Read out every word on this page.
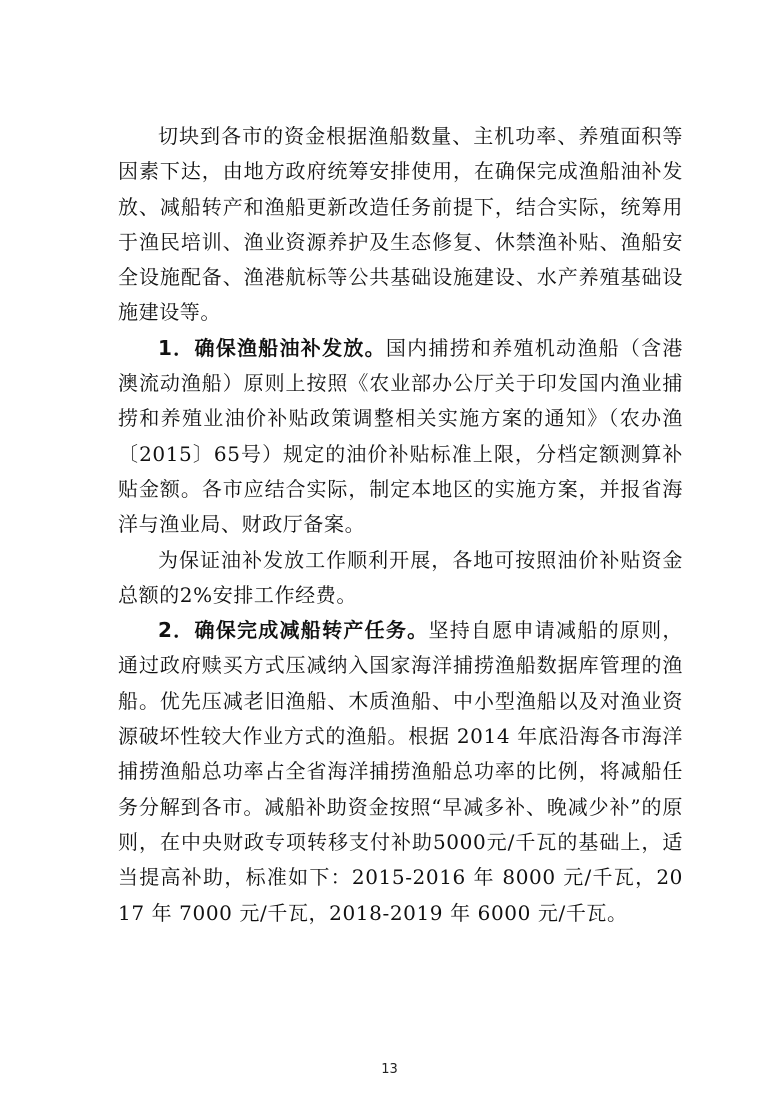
切块到各市的资金根据渔船数量、主机功率、养殖面积等因素下达，由地方政府统筹安排使用，在确保完成渔船油补发放、减船转产和渔船更新改造任务前提下，结合实际，统筹用于渔民培训、渔业资源养护及生态修复、休禁渔补贴、渔船安全设施配备、渔港航标等公共基础设施建设、水产养殖基础设施建设等。

1．确保渔船油补发放。国内捕捞和养殖机动渔船（含港澳流动渔船）原则上按照《农业部办公厅关于印发国内渔业捕捞和养殖业油价补贴政策调整相关实施方案的通知》（农办渔〔2015〕65号）规定的油价补贴标准上限，分档定额测算补贴金额。各市应结合实际，制定本地区的实施方案，并报省海洋与渔业局、财政厅备案。

为保证油补发放工作顺利开展，各地可按照油价补贴资金总额的2%安排工作经费。

2．确保完成减船转产任务。坚持自愿申请减船的原则，通过政府赎买方式压减纳入国家海洋捕捞渔船数据库管理的渔船。优先压减老旧渔船、木质渔船、中小型渔船以及对渔业资源破坏性较大作业方式的渔船。根据 2014 年底沿海各市海洋捕捞渔船总功率占全省海洋捕捞渔船总功率的比例，将减船任务分解到各市。减船补助资金按照“早减多补、晚减少补”的原则，在中央财政专项转移支付补助5000元/千瓦的基础上，适当提高补助，标准如下：2015-2016 年 8000 元/千瓦，2017 年 7000 元/千瓦，2018-2019 年 6000 元/千瓦。

13
